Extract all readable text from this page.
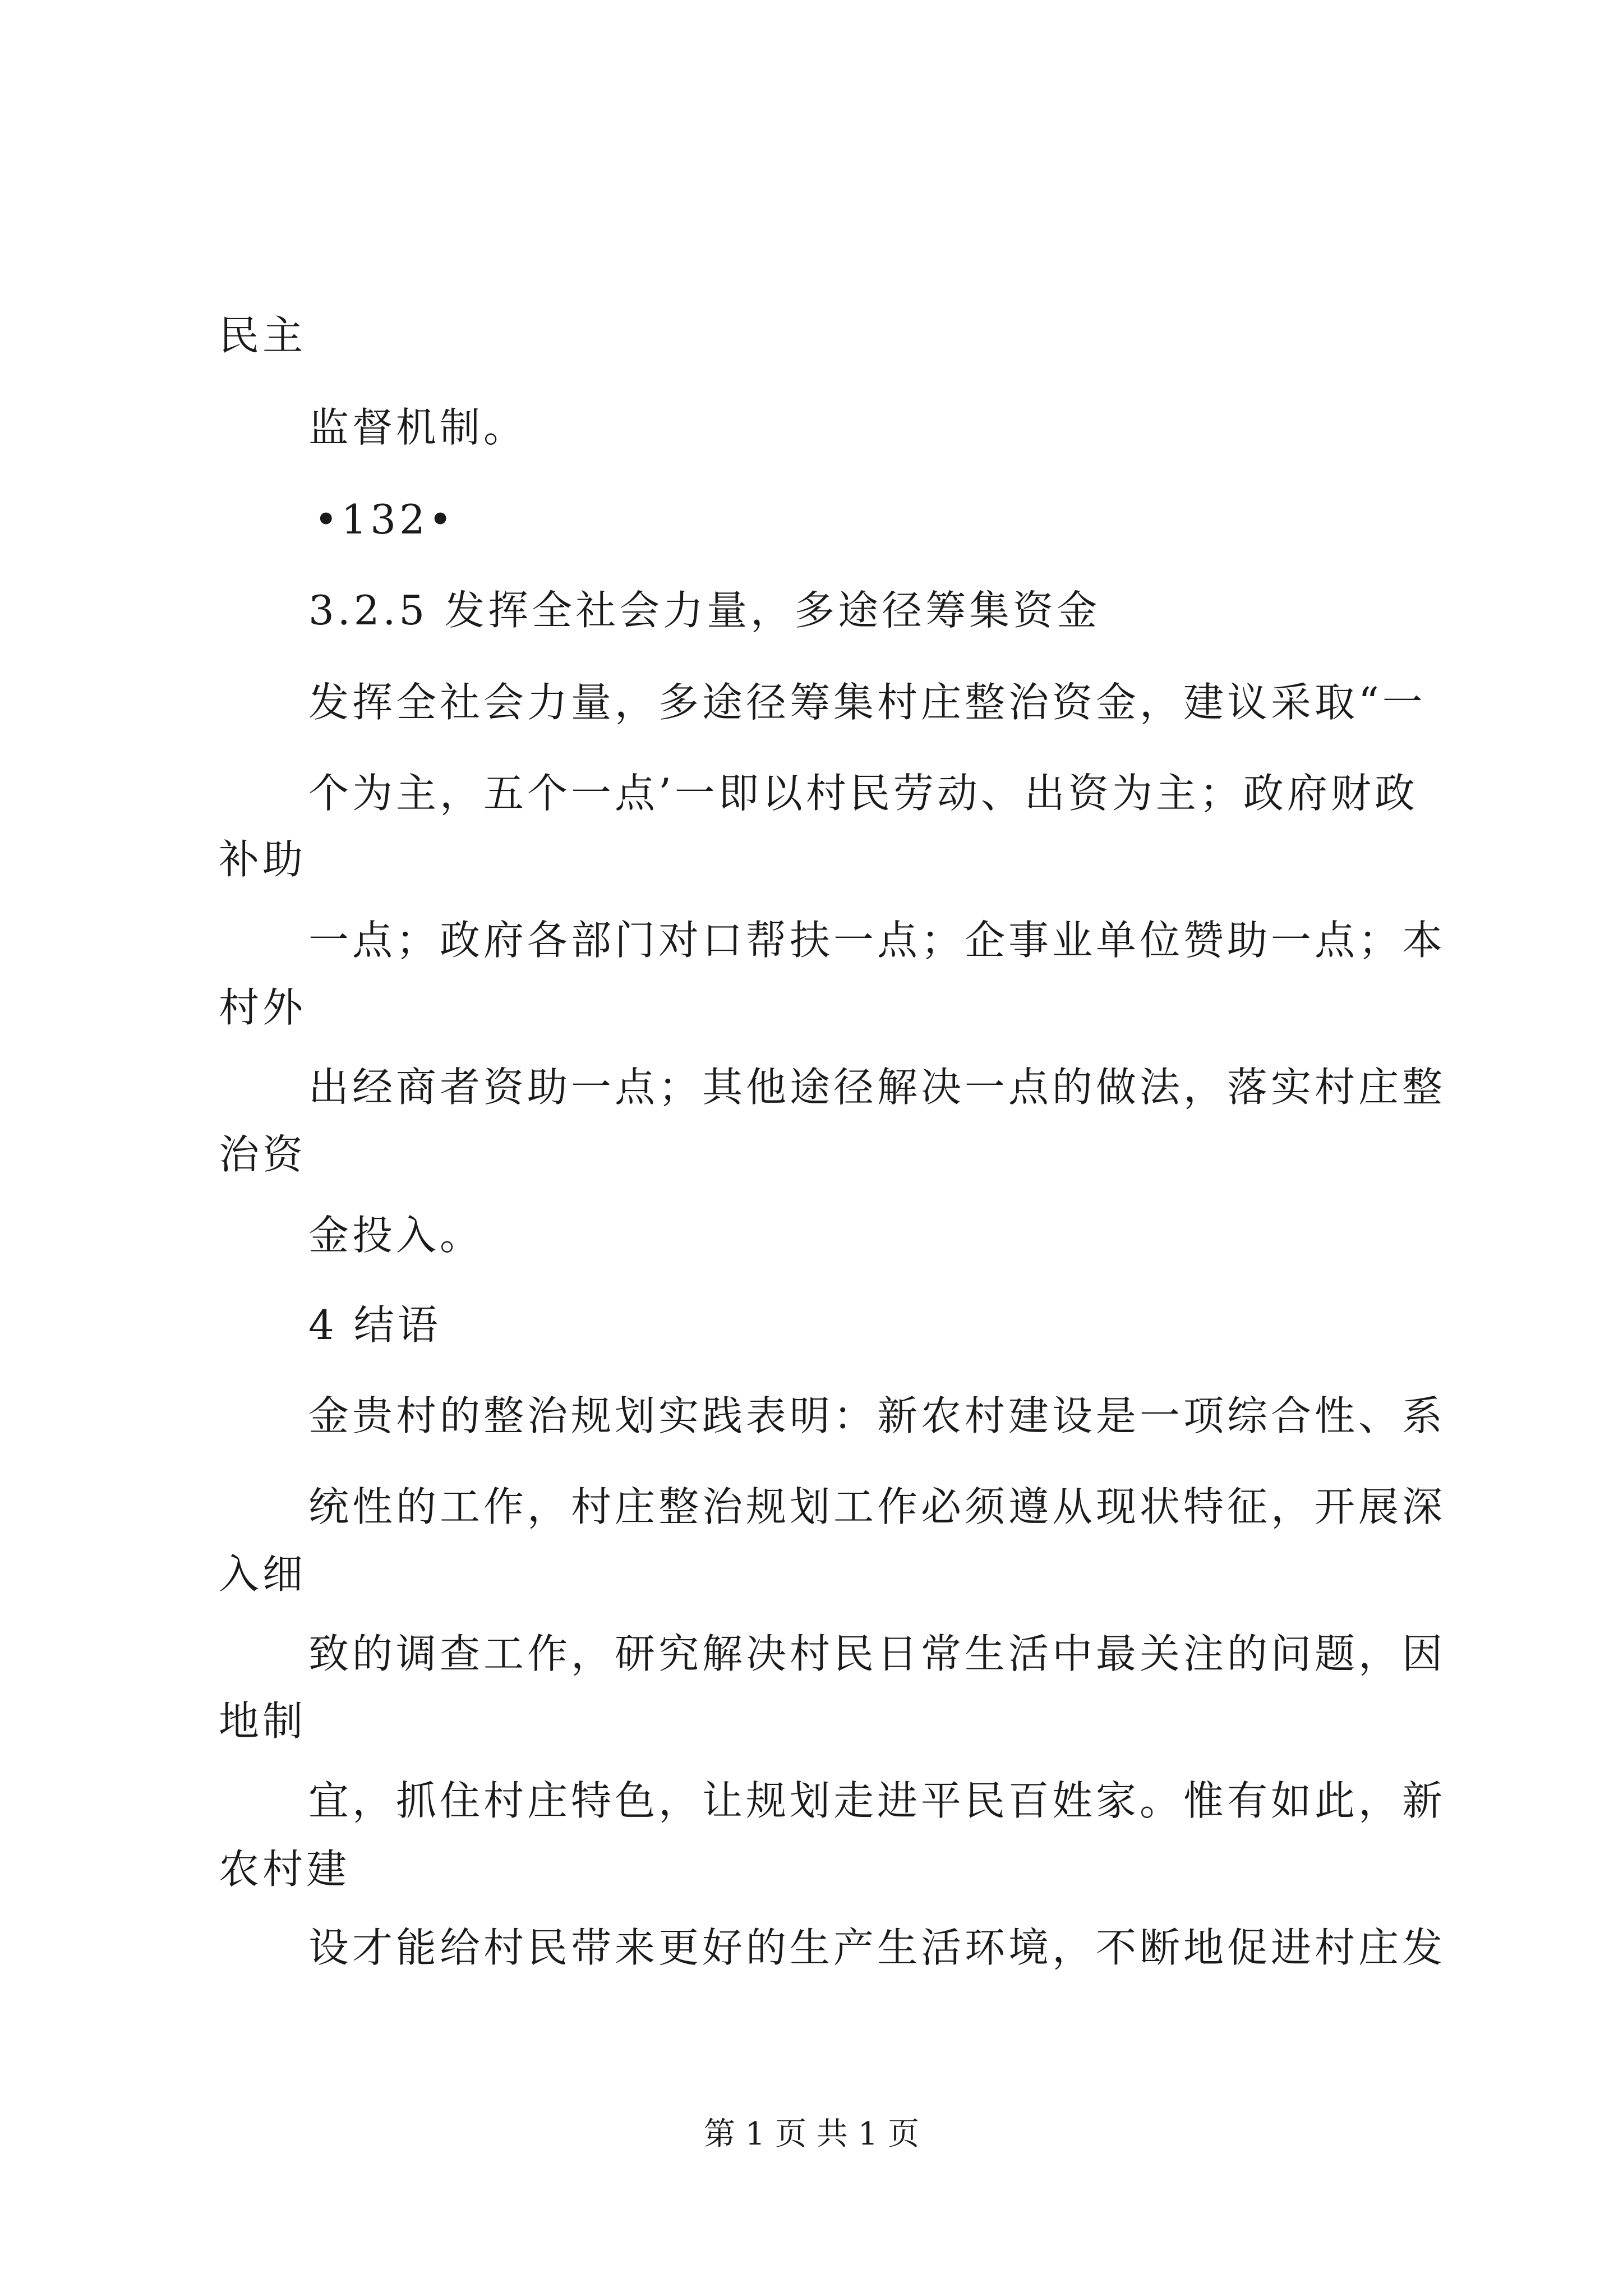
民主
监督机制。
•132•
3.2.5 发挥全社会力量，多途径筹集资金
发挥全社会力量，多途径筹集村庄整治资金，建议采取“一
个为主，五个一点’一即以村民劳动、出资为主；政府财政
补助
一点；政府各部门对口帮扶一点；企事业单位赞助一点；本
村外
出经商者资助一点；其他途径解决一点的做法，落实村庄整
治资
金投入。
4 结语
金贵村的整治规划实践表明：新农村建设是一项综合性、系
统性的工作，村庄整治规划工作必须遵从现状特征，开展深
入细
致的调查工作，研究解决村民日常生活中最关注的问题，因
地制
宜，抓住村庄特色，让规划走进平民百姓家。惟有如此，新
农村建
设才能给村民带来更好的生产生活环境，不断地促进村庄发
第 1 页 共 1 页
